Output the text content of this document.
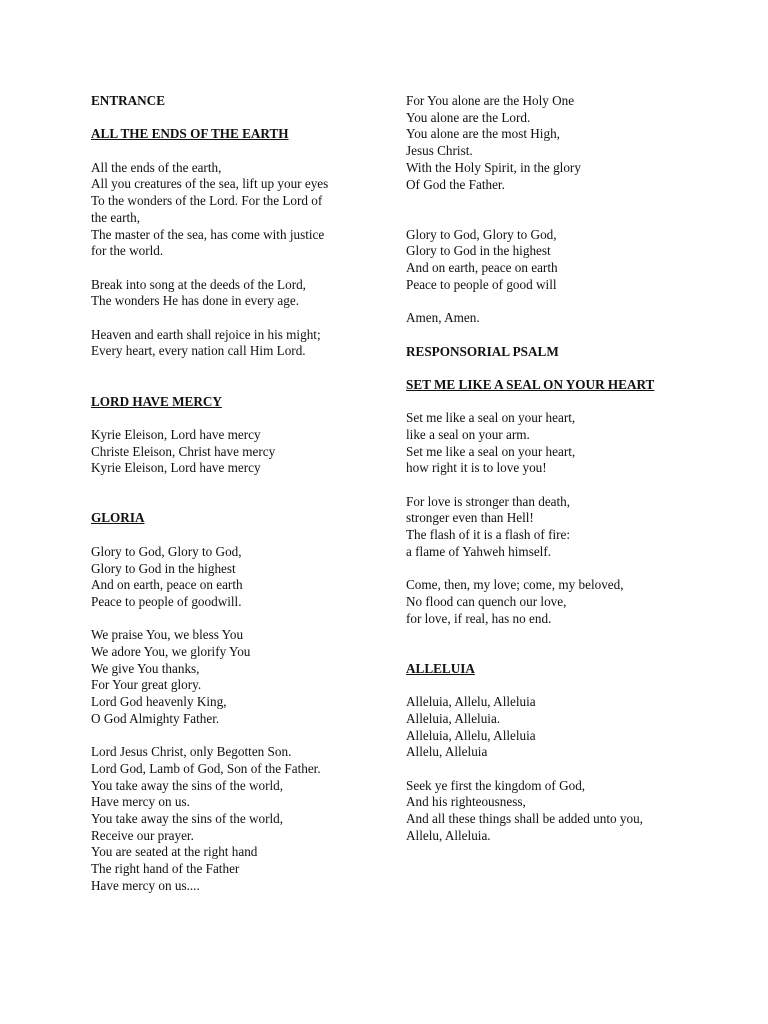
ENTRANCE
ALL THE ENDS OF THE EARTH
All the ends of the earth,
All you creatures of the sea, lift up your eyes
To the wonders of the Lord. For the Lord of
the earth,
The master of the sea, has come with justice
for the world.
Break into song at the deeds of the Lord,
The wonders He has done in every age.
Heaven and earth shall rejoice in his might;
Every heart, every nation call Him Lord.
LORD HAVE MERCY
Kyrie Eleison, Lord have mercy
Christe Eleison, Christ have mercy
Kyrie Eleison, Lord have mercy
GLORIA
Glory to God, Glory to God,
Glory to God in the highest
And on earth, peace on earth
Peace to people of goodwill.
We praise You, we bless You
We adore You, we glorify You
We give You thanks,
For Your great glory.
Lord God heavenly King,
O God Almighty Father.
Lord Jesus Christ, only Begotten Son.
Lord God, Lamb of God, Son of the Father.
You take away the sins of the world,
Have mercy on us.
You take away the sins of the world,
Receive our prayer.
You are seated at the right hand
The right hand of the Father
Have mercy on us....
For You alone are the Holy One
You alone are the Lord.
You alone are the most High,
Jesus Christ.
With the Holy Spirit, in the glory
Of God the Father.
Glory to God, Glory to God,
Glory to God in the highest
And on earth, peace on earth
Peace to people of good will
Amen, Amen.
RESPONSORIAL PSALM
SET ME LIKE A SEAL ON YOUR HEART
Set me like a seal on your heart,
like a seal on your arm.
Set me like a seal on your heart,
how right it is to love you!
For love is stronger than death,
stronger even than Hell!
The flash of it is a flash of fire:
a flame of Yahweh himself.
Come, then, my love; come, my beloved,
No flood can quench our love,
for love, if real, has no end.
ALLELUIA
Alleluia, Allelu, Alleluia
Alleluia, Alleluia.
Alleluia, Allelu, Alleluia
Allelu, Alleluia
Seek ye first the kingdom of God,
And his righteousness,
And all these things shall be added unto you,
Allelu, Alleluia.
